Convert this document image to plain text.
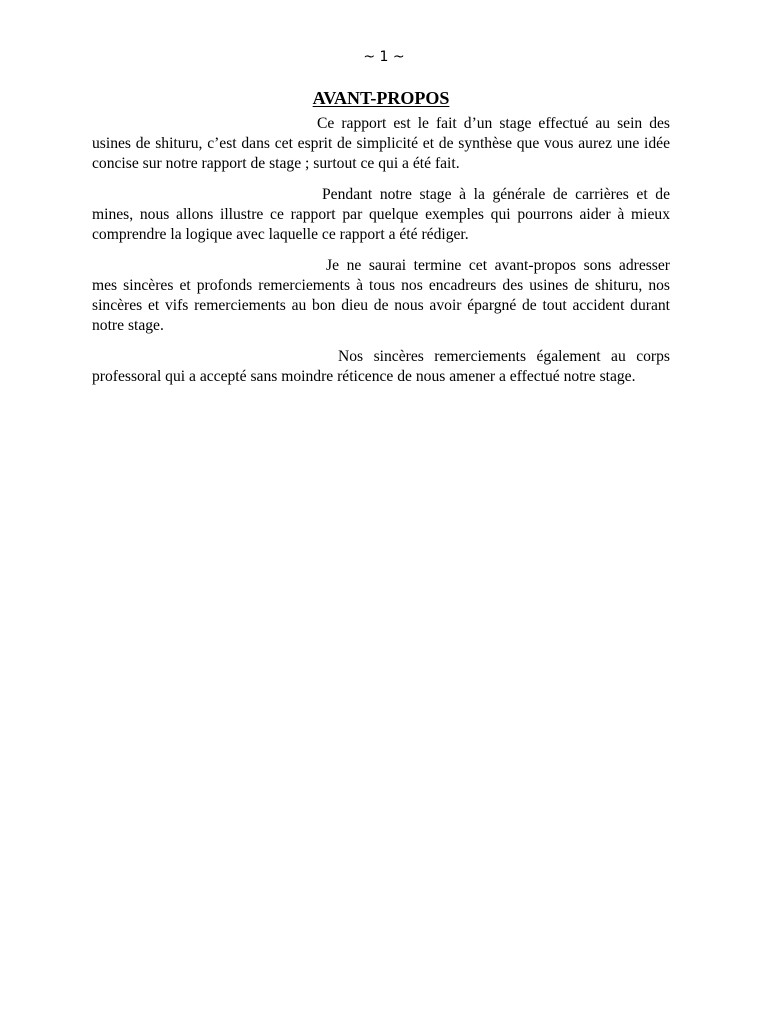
~ 1 ~
AVANT-PROPOS

Ce rapport est le fait d’un stage effectué au sein des usines de shituru, c’est dans cet esprit de simplicité et de synthèse que vous aurez une idée concise sur notre rapport de stage ; surtout ce qui a été fait.

Pendant notre stage à la générale de carrières et de mines, nous allons illustre ce rapport par quelque exemples qui pourrons aider à mieux comprendre la logique avec laquelle ce rapport a été rédiger.

Je ne saurai termine cet avant-propos sons adresser mes sincères et profonds remerciements à tous nos encadreurs des usines de shituru, nos sincères et vifs remerciements au bon dieu de nous avoir épargné de tout accident durant notre stage.

Nos sincères remerciements également au corps professoral qui a accepté sans moindre réticence de nous amener a effectué notre stage.
